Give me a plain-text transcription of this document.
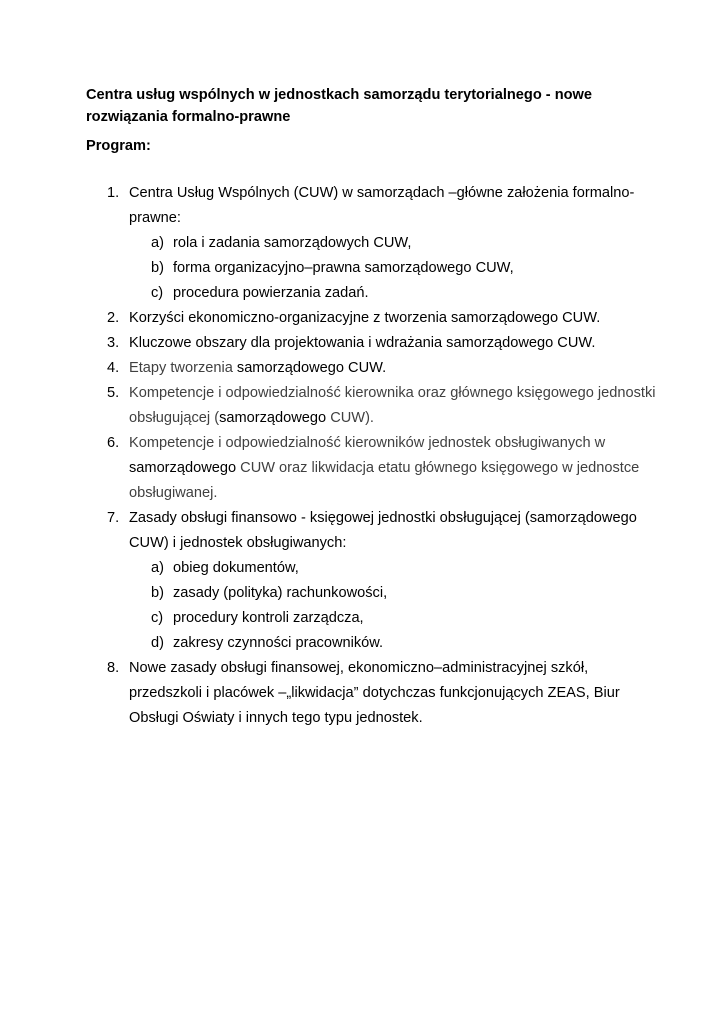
Centra usług wspólnych w jednostkach samorządu terytorialnego - nowe rozwiązania formalno-prawne

Program:

1. Centra Usług Wspólnych (CUW) w samorządach –główne założenia formalno-prawne:
a) rola i zadania samorządowych CUW,
b) forma organizacyjno–prawna samorządowego CUW,
c) procedura powierzania zadań.
2. Korzyści ekonomiczno-organizacyjne z tworzenia samorządowego CUW.
3. Kluczowe obszary dla projektowania i wdrażania samorządowego CUW.
4. Etapy tworzenia samorządowego CUW.
5. Kompetencje i odpowiedzialność kierownika oraz głównego księgowego jednostki obsługującej (samorządowego CUW).
6. Kompetencje i odpowiedzialność kierowników jednostek obsługiwanych w samorządowego CUW oraz likwidacja etatu głównego księgowego w jednostce obsługiwanej.
7. Zasady obsługi finansowo - księgowej jednostki obsługującej (samorządowego CUW) i jednostek obsługiwanych:
a) obieg dokumentów,
b) zasady (polityka) rachunkowości,
c) procedury kontroli zarządcza,
d) zakresy czynności pracowników.
8. Nowe zasady obsługi finansowej, ekonomiczno–administracyjnej szkół, przedszkoli i placówek –„likwidacja” dotychczas funkcjonujących ZEAS, Biur Obsługi Oświaty i innych tego typu jednostek.
